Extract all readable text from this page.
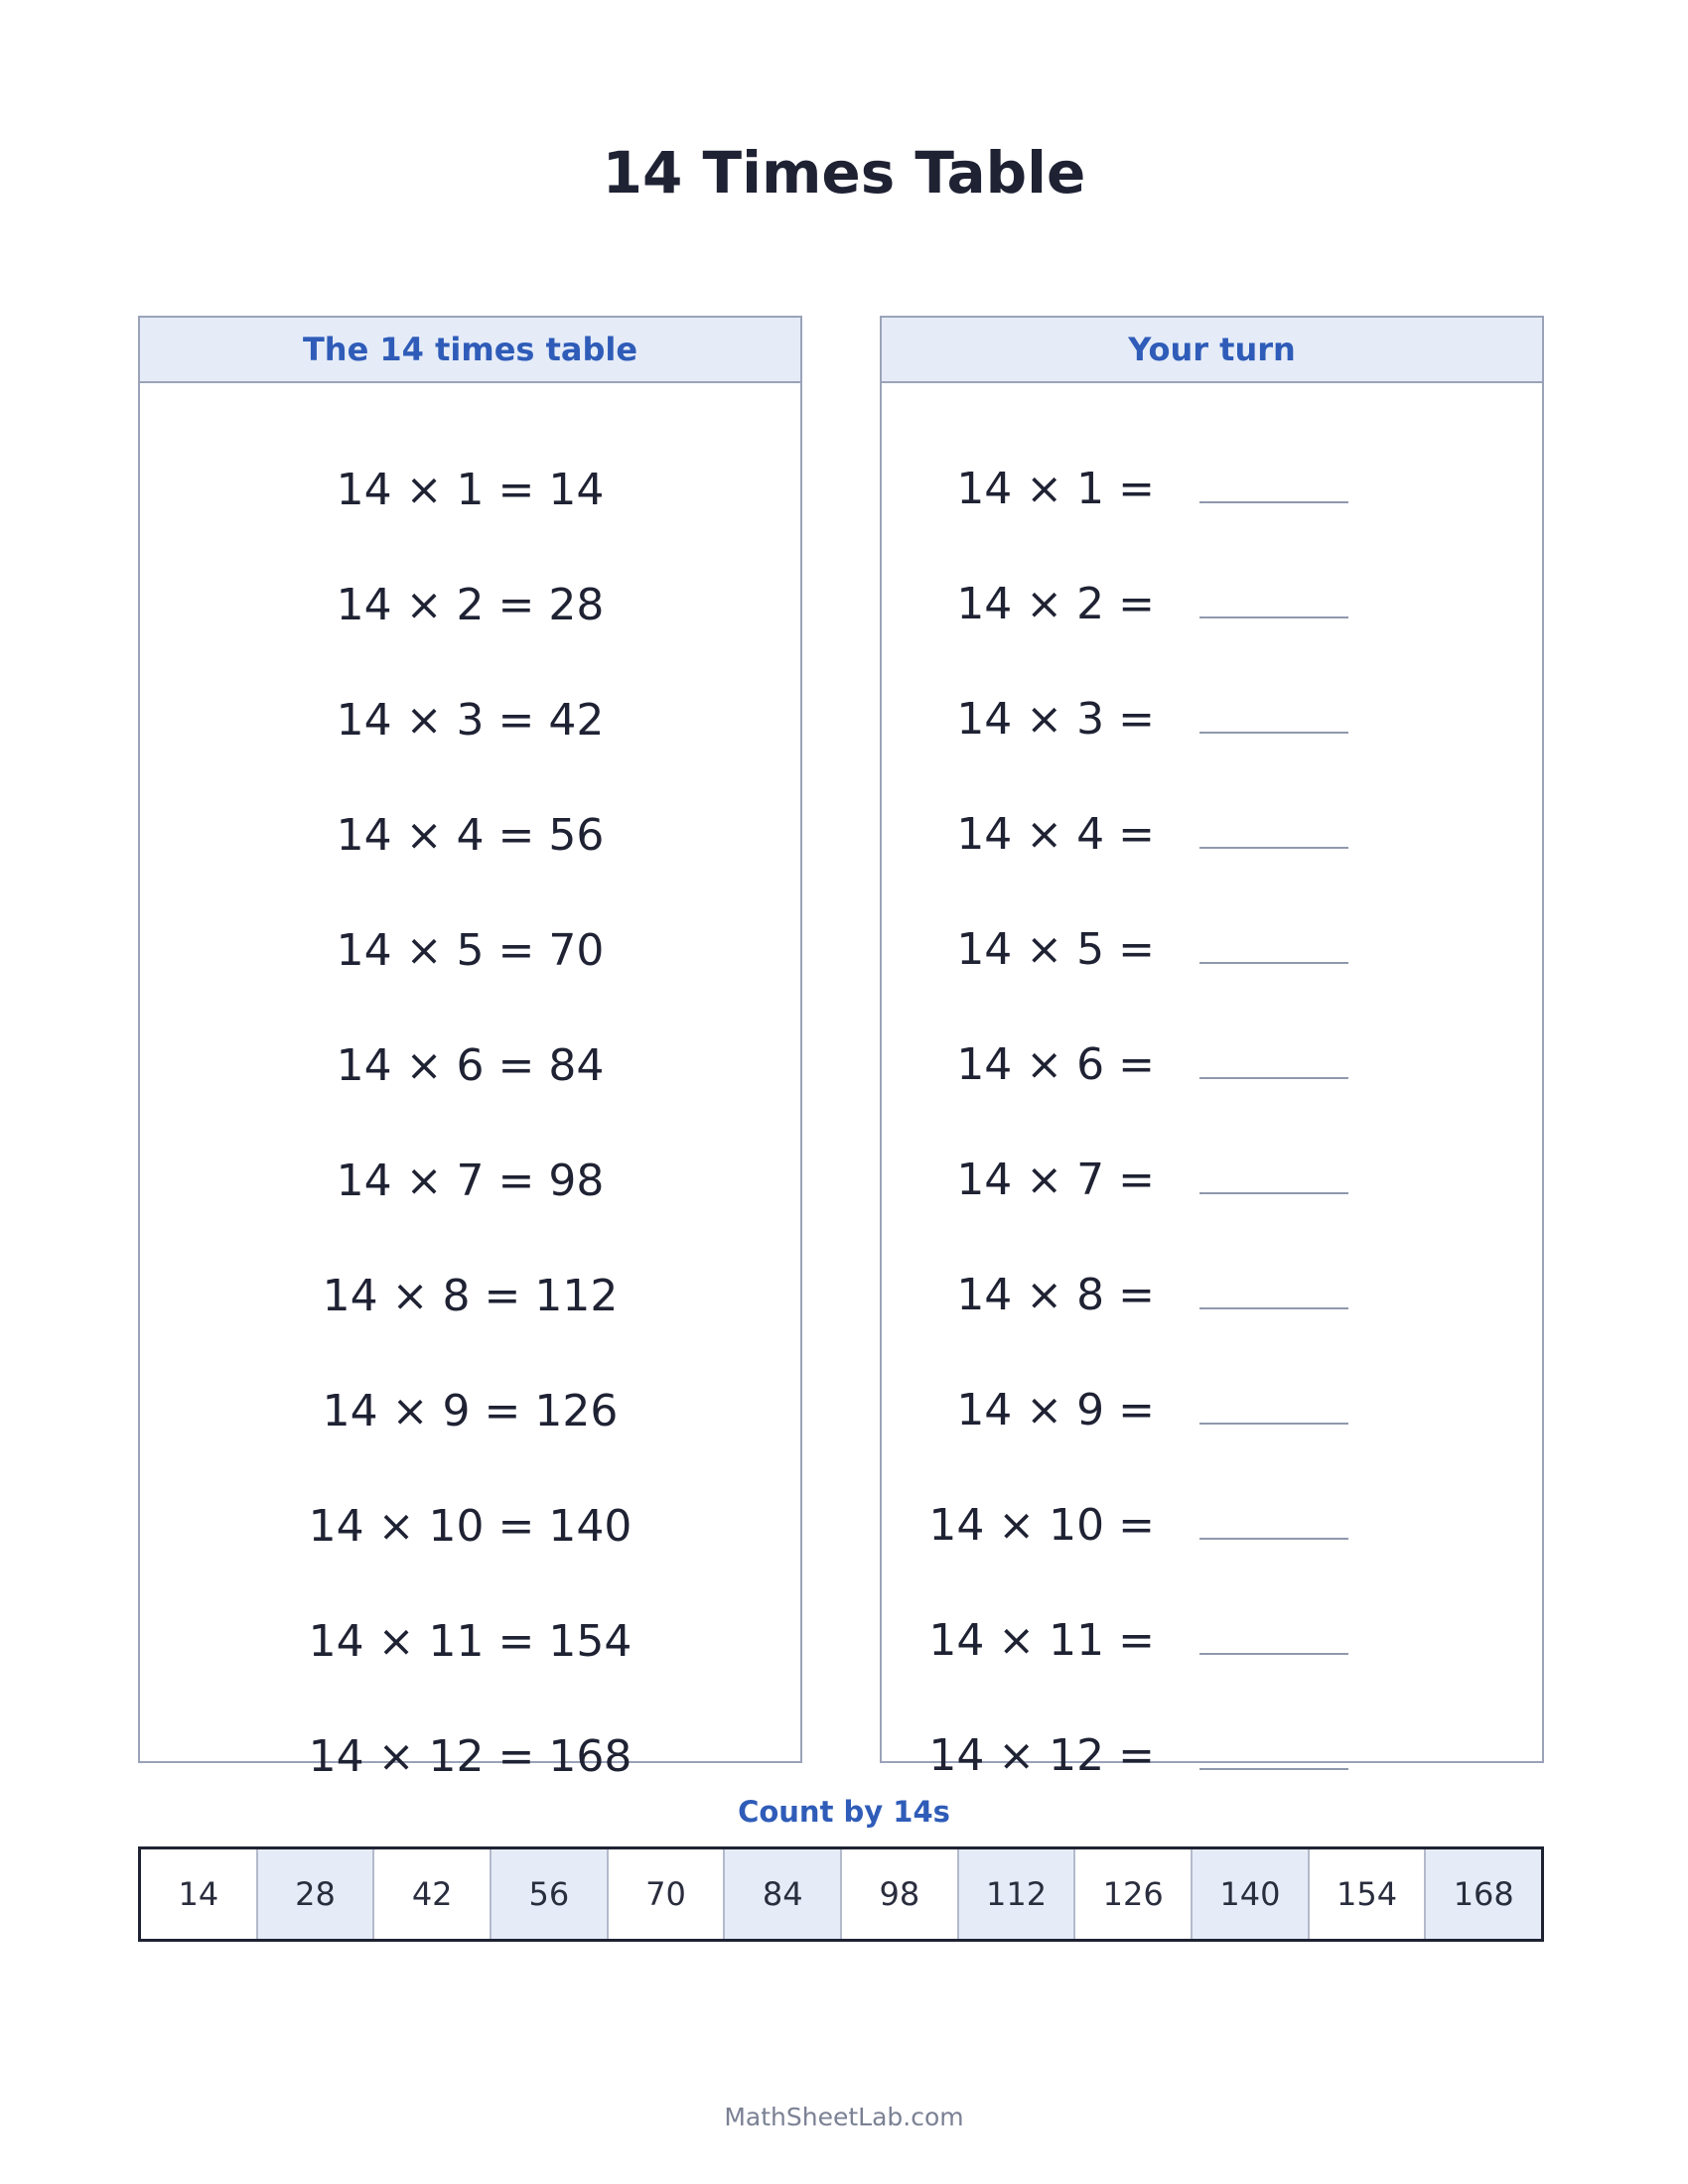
14 Times Table
The 14 times table
14 × 1 = 14
14 × 2 = 28
14 × 3 = 42
14 × 4 = 56
14 × 5 = 70
14 × 6 = 84
14 × 7 = 98
14 × 8 = 112
14 × 9 = 126
14 × 10 = 140
14 × 11 = 154
14 × 12 = 168
Your turn
14 × 1 =
14 × 2 =
14 × 3 =
14 × 4 =
14 × 5 =
14 × 6 =
14 × 7 =
14 × 8 =
14 × 9 =
14 × 10 =
14 × 11 =
14 × 12 =
Count by 14s
14	28	42	56	70	84	98	112	126	140	154	168
MathSheetLab.com
